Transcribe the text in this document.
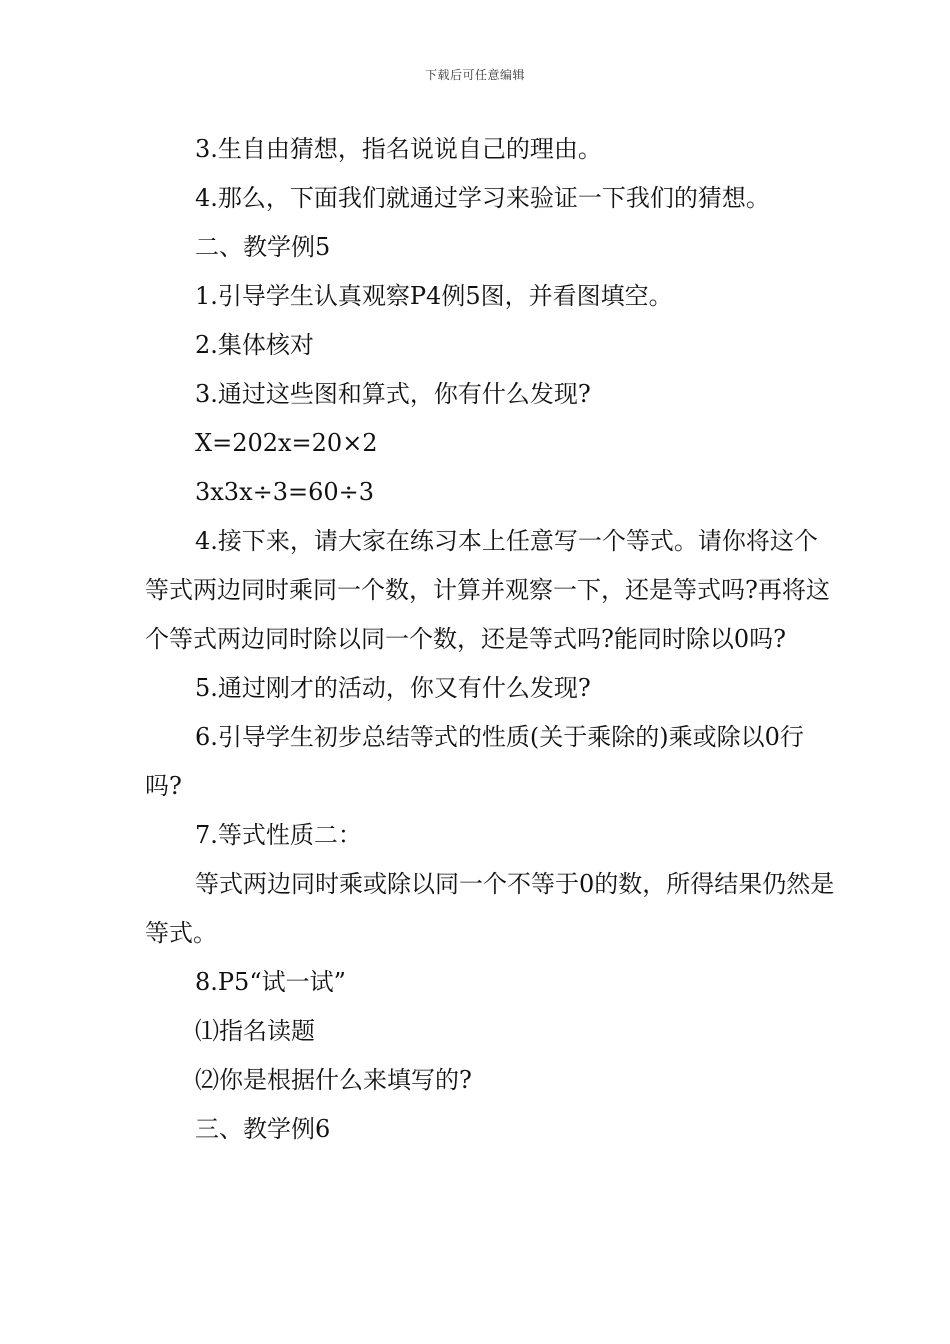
下载后可任意编辑

3.生自由猜想，指名说说自己的理由。

4.那么，下面我们就通过学习来验证一下我们的猜想。

二、教学例5

1.引导学生认真观察P4例5图，并看图填空。

2.集体核对

3.通过这些图和算式，你有什么发现?

X=202x=20×2

3x3x÷3=60÷3

4.接下来，请大家在练习本上任意写一个等式。请你将这个等式两边同时乘同一个数，计算并观察一下，还是等式吗?再将这个等式两边同时除以同一个数，还是等式吗?能同时除以0吗?

5.通过刚才的活动，你又有什么发现?

6.引导学生初步总结等式的性质(关于乘除的)乘或除以0行吗?

7.等式性质二：

等式两边同时乘或除以同一个不等于0的数，所得结果仍然是等式。

8.P5“试一试”

⑴指名读题

⑵你是根据什么来填写的?

三、教学例6
